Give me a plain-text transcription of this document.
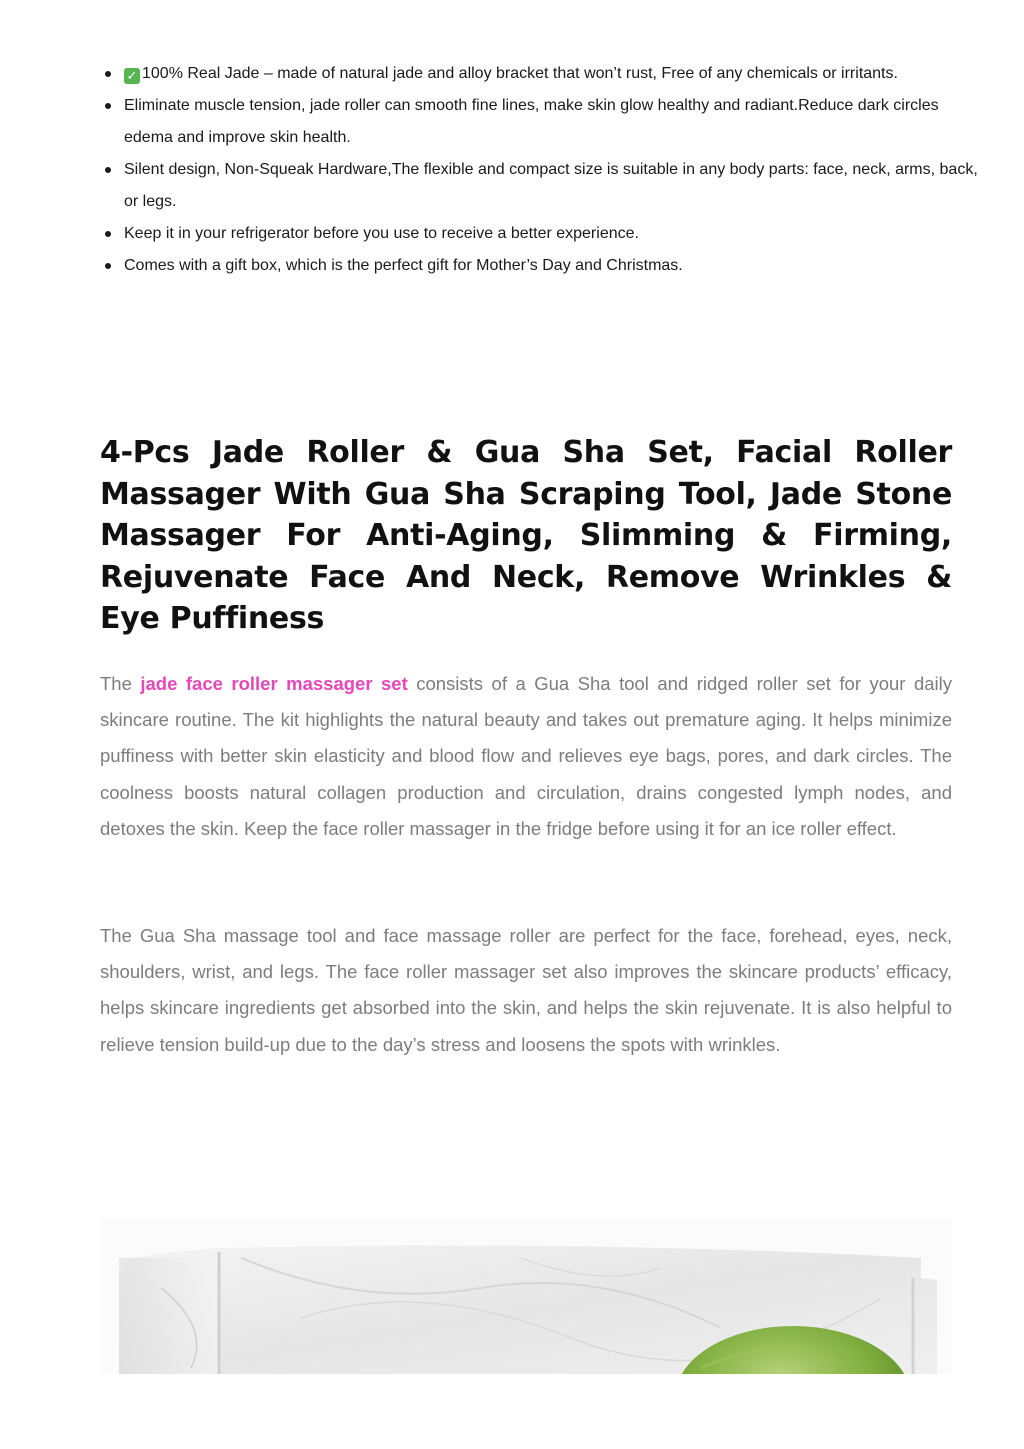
✓ 100% Real Jade – made of natural jade and alloy bracket that won’t rust, Free of any chemicals or irritants.
Eliminate muscle tension, jade roller can smooth fine lines, make skin glow healthy and radiant.Reduce dark circles edema and improve skin health.
Silent design, Non-Squeak Hardware,The flexible and compact size is suitable in any body parts: face, neck, arms, back, or legs.
Keep it in your refrigerator before you use to receive a better experience.
Comes with a gift box, which is the perfect gift for Mother’s Day and Christmas.
4-Pcs Jade Roller & Gua Sha Set, Facial Roller Massager With Gua Sha Scraping Tool, Jade Stone Massager For Anti-Aging, Slimming & Firming, Rejuvenate Face And Neck, Remove Wrinkles & Eye Puffiness

The jade face roller massager set consists of a Gua Sha tool and ridged roller set for your daily skincare routine. The kit highlights the natural beauty and takes out premature aging. It helps minimize puffiness with better skin elasticity and blood flow and relieves eye bags, pores, and dark circles. The coolness boosts natural collagen production and circulation, drains congested lymph nodes, and detoxes the skin. Keep the face roller massager in the fridge before using it for an ice roller effect.

The Gua Sha massage tool and face massage roller are perfect for the face, forehead, eyes, neck, shoulders, wrist, and legs. The face roller massager set also improves the skincare products’ efficacy, helps skincare ingredients get absorbed into the skin, and helps the skin rejuvenate. It is also helpful to relieve tension build-up due to the day’s stress and loosens the spots with wrinkles.
